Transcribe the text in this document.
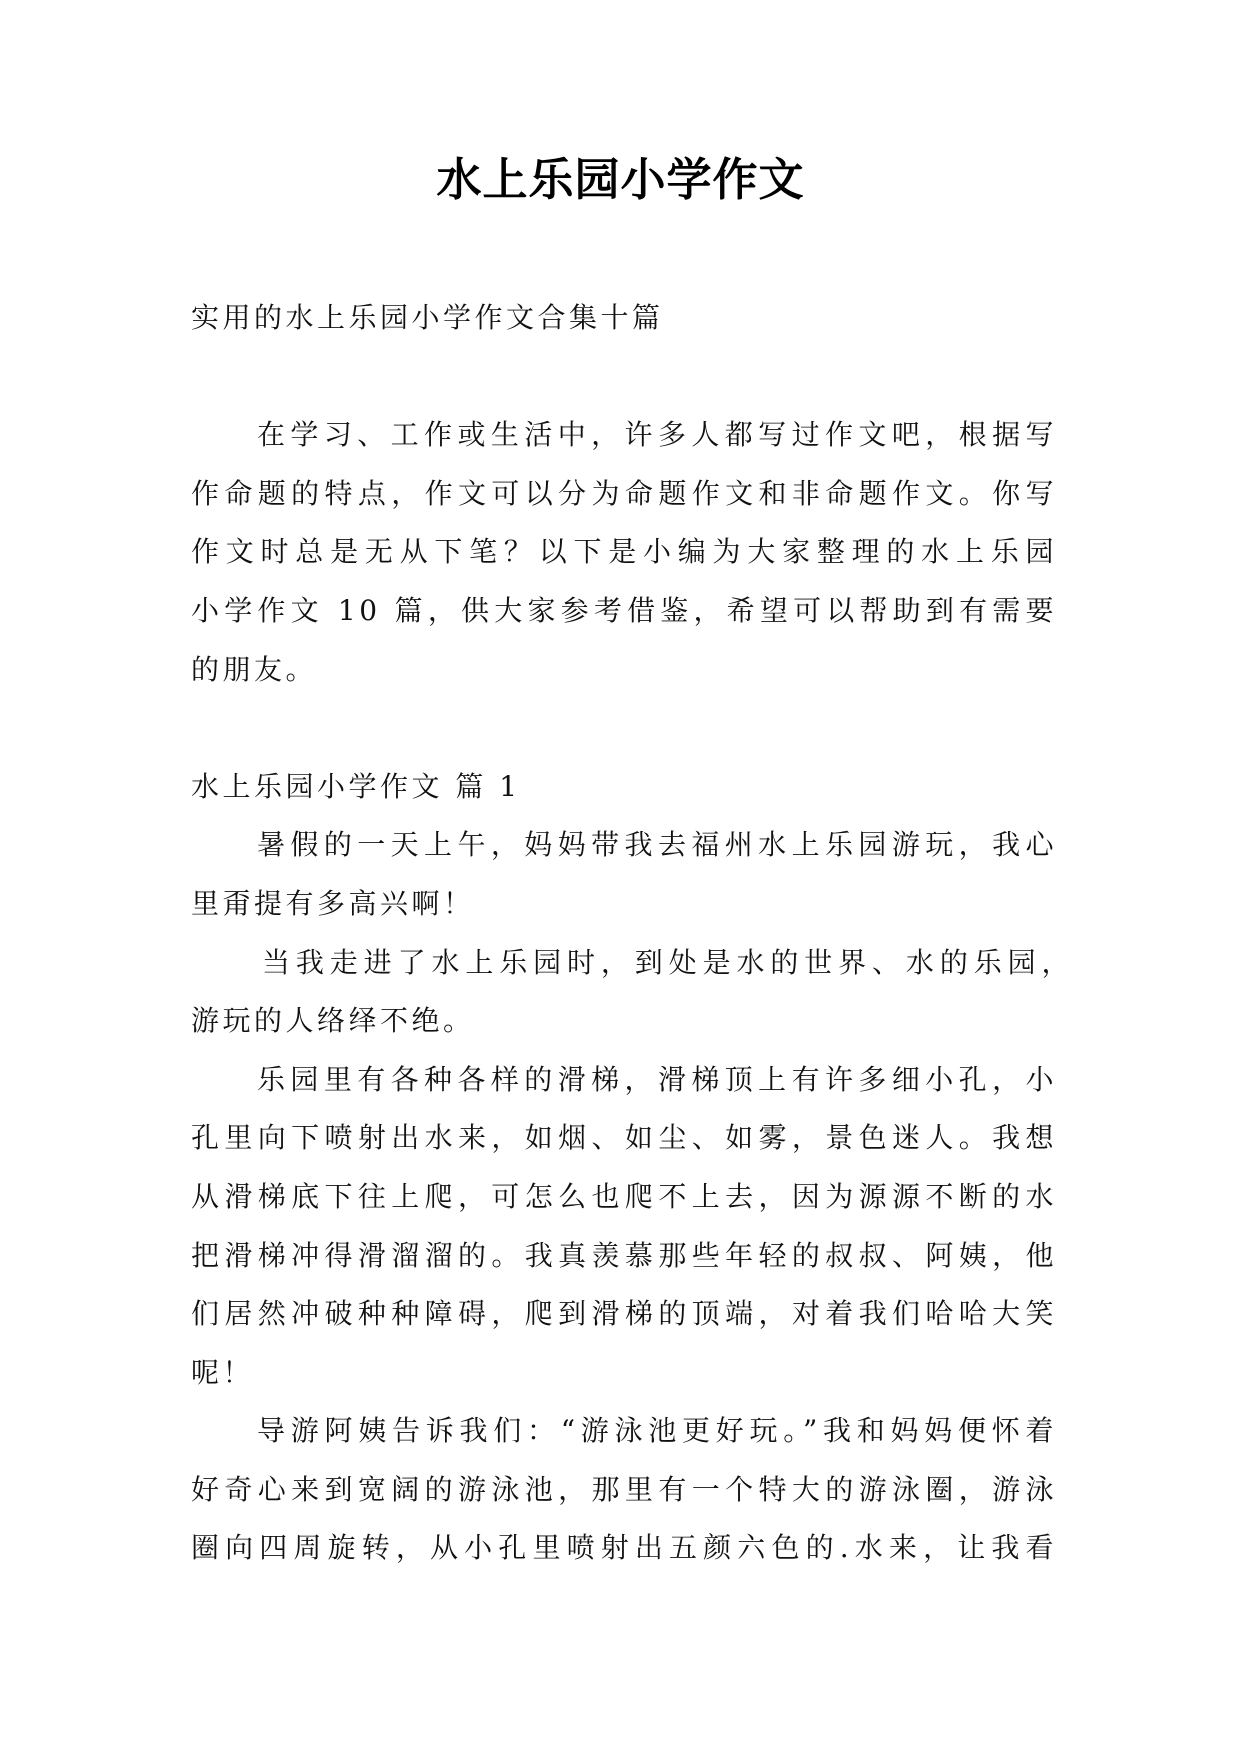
水上乐园小学作文
实用的水上乐园小学作文合集十篇
在学习、工作或生活中，许多人都写过作文吧，根据写
作命题的特点，作文可以分为命题作文和非命题作文。你写
作文时总是无从下笔？以下是小编为大家整理的水上乐园
小学作文 10 篇，供大家参考借鉴，希望可以帮助到有需要
的朋友。
水上乐园小学作文 篇 1
暑假的一天上午，妈妈带我去福州水上乐园游玩，我心
里甭提有多高兴啊！
当我走进了水上乐园时，到处是水的世界、水的乐园，
游玩的人络绎不绝。
乐园里有各种各样的滑梯，滑梯顶上有许多细小孔，小
孔里向下喷射出水来，如烟、如尘、如雾，景色迷人。我想
从滑梯底下往上爬，可怎么也爬不上去，因为源源不断的水
把滑梯冲得滑溜溜的。我真羡慕那些年轻的叔叔、阿姨，他
们居然冲破种种障碍，爬到滑梯的顶端，对着我们哈哈大笑
呢！
导游阿姨告诉我们：“游泳池更好玩。”我和妈妈便怀着
好奇心来到宽阔的游泳池，那里有一个特大的游泳圈，游泳
圈向四周旋转，从小孔里喷射出五颜六色的.水来，让我看
